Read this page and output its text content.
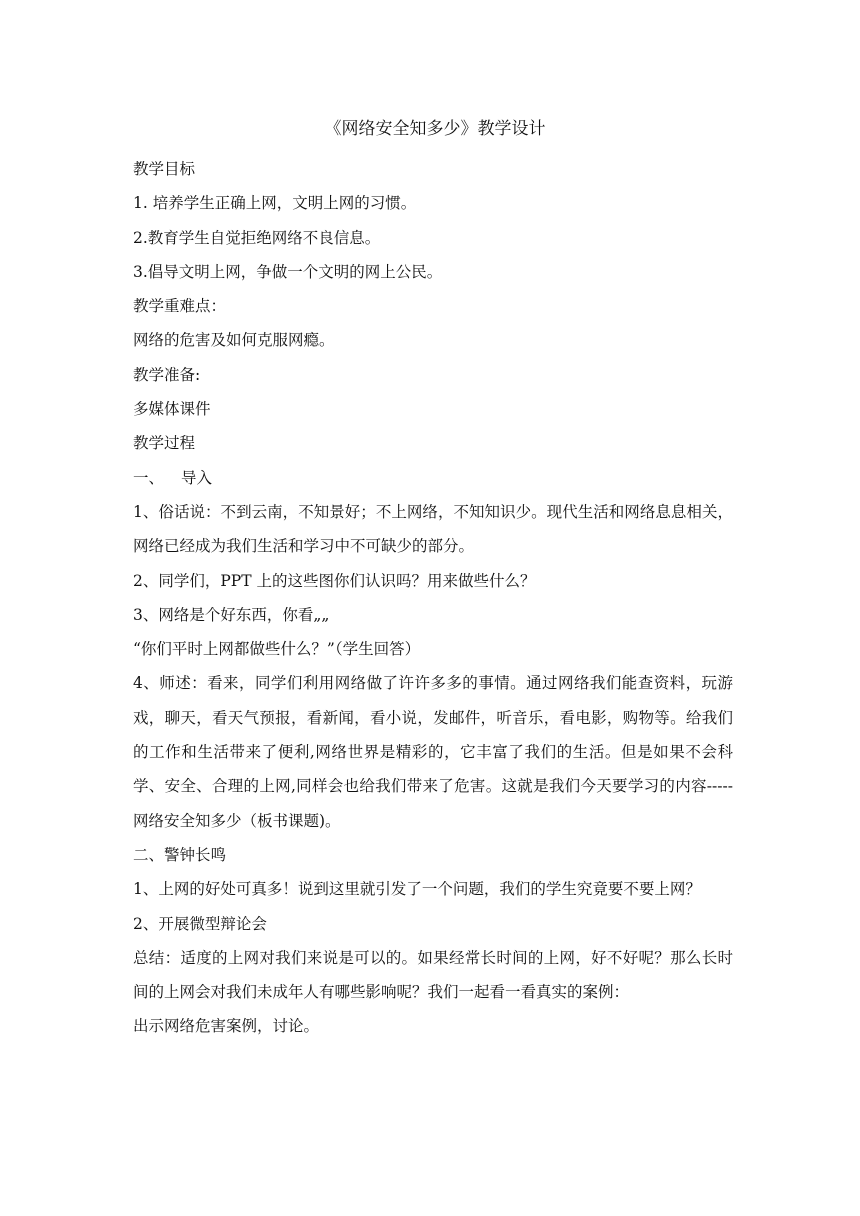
《网络安全知多少》教学设计

教学目标

1. 培养学生正确上网，文明上网的习惯。

2.教育学生自觉拒绝网络不良信息。

3.倡导文明上网，争做一个文明的网上公民。

教学重难点：

网络的危害及如何克服网瘾。

教学准备:

多媒体课件

教学过程

一、 导入

1、俗话说：不到云南，不知景好；不上网络，不知知识少。现代生活和网络息息相关，网络已经成为我们生活和学习中不可缺少的部分。

2、同学们，PPT 上的这些图你们认识吗？用来做些什么？

3、网络是个好东西，你看„„

“你们平时上网都做些什么？”（学生回答）

4、师述：看来，同学们利用网络做了许许多多的事情。通过网络我们能查资料，玩游戏，聊天，看天气预报，看新闻，看小说，发邮件，听音乐，看电影，购物等。给我们的工作和生活带来了便利,网络世界是精彩的，它丰富了我们的生活。但是如果不会科学、安全、合理的上网,同样会也给我们带来了危害。这就是我们今天要学习的内容-----网络安全知多少（板书课题)。

二、警钟长鸣

1、上网的好处可真多！说到这里就引发了一个问题，我们的学生究竟要不要上网？

2、开展微型辩论会

总结：适度的上网对我们来说是可以的。如果经常长时间的上网，好不好呢？那么长时间的上网会对我们未成年人有哪些影响呢？我们一起看一看真实的案例：

出示网络危害案例，讨论。
